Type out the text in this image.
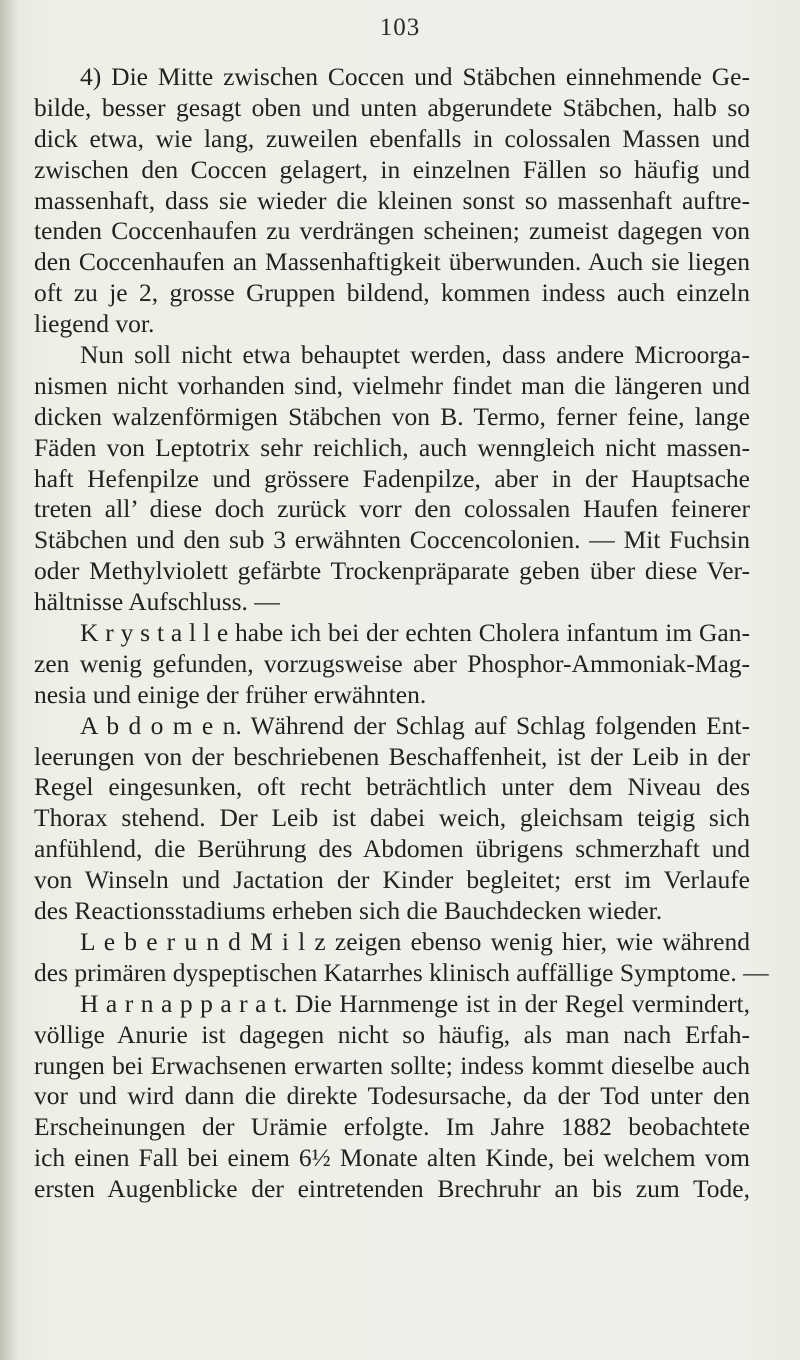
103
4) Die Mitte zwischen Coccen und Stäbchen einnehmende Ge-
bilde, besser gesagt oben und unten abgerundete Stäbchen, halb so
dick etwa, wie lang, zuweilen ebenfalls in colossalen Massen und
zwischen den Coccen gelagert, in einzelnen Fällen so häufig und
massenhaft, dass sie wieder die kleinen sonst so massenhaft auftre-
tenden Coccenhaufen zu verdrängen scheinen; zumeist dagegen von
den Coccenhaufen an Massenhaftigkeit überwunden. Auch sie liegen
oft zu je 2, grosse Gruppen bildend, kommen indess auch einzeln
liegend vor.
Nun soll nicht etwa behauptet werden, dass andere Microorga-
nismen nicht vorhanden sind, vielmehr findet man die längeren und
dicken walzenförmigen Stäbchen von B. Termo, ferner feine, lange
Fäden von Leptotrix sehr reichlich, auch wenngleich nicht massen-
haft Hefenpilze und grössere Fadenpilze, aber in der Hauptsache
treten all’ diese doch zurück vorr den colossalen Haufen feinerer
Stäbchen und den sub 3 erwähnten Coccencolonien. — Mit Fuchsin
oder Methylviolett gefärbte Trockenpräparate geben über diese Ver-
hältnisse Aufschluss. —
K r y s t a l l e habe ich bei der echten Cholera infantum im Gan-
zen wenig gefunden, vorzugsweise aber Phosphor-Ammoniak-Mag-
nesia und einige der früher erwähnten.
A b d o m e n. Während der Schlag auf Schlag folgenden Ent-
leerungen von der beschriebenen Beschaffenheit, ist der Leib in der
Regel eingesunken, oft recht beträchtlich unter dem Niveau des
Thorax stehend. Der Leib ist dabei weich, gleichsam teigig sich
anfühlend, die Berührung des Abdomen übrigens schmerzhaft und
von Winseln und Jactation der Kinder begleitet; erst im Verlaufe
des Reactionsstadiums erheben sich die Bauchdecken wieder.
L e b e r u n d M i l z zeigen ebenso wenig hier, wie während
des primären dyspeptischen Katarrhes klinisch auffällige Symptome. —
H a r n a p p a r a t. Die Harnmenge ist in der Regel vermindert,
völlige Anurie ist dagegen nicht so häufig, als man nach Erfah-
rungen bei Erwachsenen erwarten sollte; indess kommt dieselbe auch
vor und wird dann die direkte Todesursache, da der Tod unter den
Erscheinungen der Urämie erfolgte. Im Jahre 1882 beobachtete
ich einen Fall bei einem 6½ Monate alten Kinde, bei welchem vom
ersten Augenblicke der eintretenden Brechruhr an bis zum Tode,
